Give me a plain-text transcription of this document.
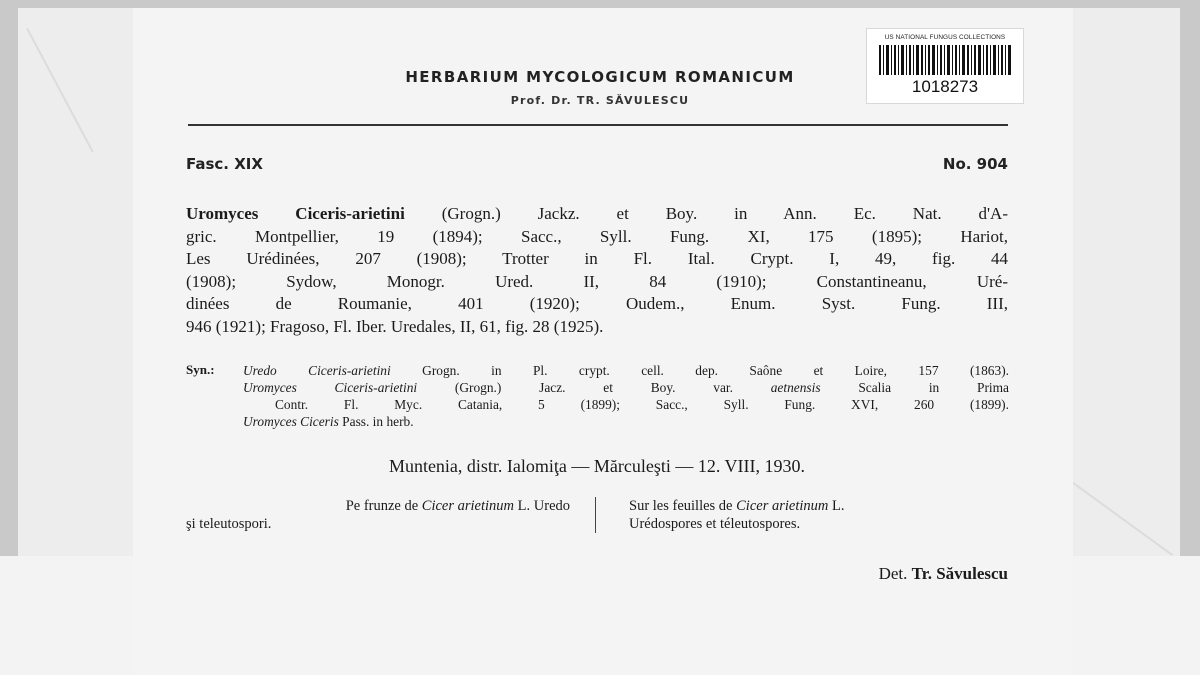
US NATIONAL FUNGUS COLLECTIONS
1018273
HERBARIUM MYCOLOGICUM ROMANICUM
Prof. Dr. TR. SĂVULESCU
Fasc. XIX	No. 904
Uromyces Ciceris-arietini (Grogn.) Jackz. et Boy. in Ann. Ec. Nat. d'A-
gric. Montpellier, 19 (1894); Sacc., Syll. Fung. XI, 175 (1895); Hariot,
Les Urédinées, 207 (1908); Trotter in Fl. Ital. Crypt. I, 49, fig. 44
(1908); Sydow, Monogr. Ured. II, 84 (1910); Constantineanu, Uré-
dinées de Roumanie, 401 (1920); Oudem., Enum. Syst. Fung. III,
946 (1921); Fragoso, Fl. Iber. Uredales, II, 61, fig. 28 (1925).
Syn.: Uredo Ciceris-arietini Grogn. in Pl. crypt. cell. dep. Saône et Loire, 157 (1863).
Uromyces Ciceris-arietini (Grogn.) Jacz. et Boy. var. aetnensis Scalia in Prima
Contr. Fl. Myc. Catania, 5 (1899); Sacc., Syll. Fung. XVI, 260 (1899).
Uromyces Ciceris Pass. in herb.
Muntenia, distr. Ialomiţa — Mărculeşti — 12. VIII, 1930.
Pe frunze de Cicer arietinum L. Uredo
şi teleutospori.
Sur les feuilles de Cicer arietinum L.
Urédospores et téleutospores.
Det. Tr. Săvulescu
